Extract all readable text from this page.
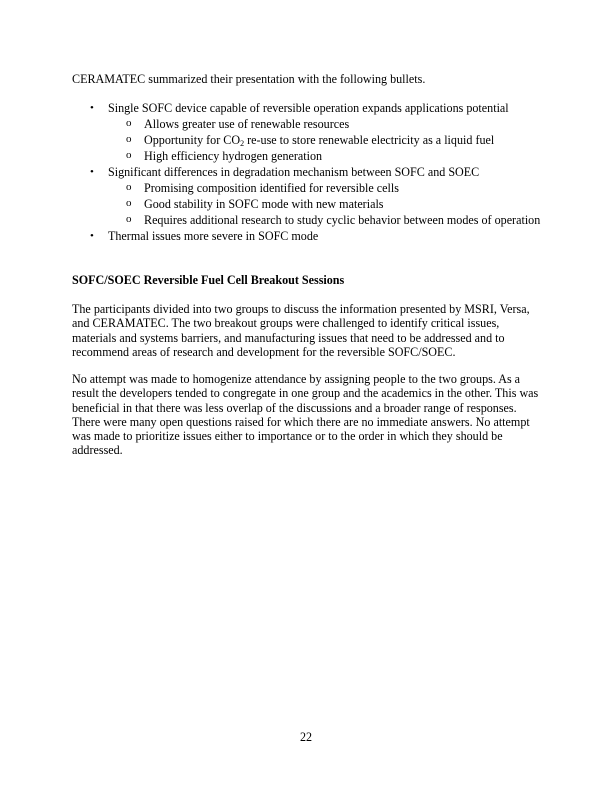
CERAMATEC summarized their presentation with the following bullets.
• Single SOFC device capable of reversible operation expands applications potential
o Allows greater use of renewable resources
o Opportunity for $CO_2$ re-use to store renewable electricity as a liquid fuel
o High efficiency hydrogen generation
• Significant differences in degradation mechanism between SOFC and SOEC
o Promising composition identified for reversible cells
o Good stability in SOFC mode with new materials
o Requires additional research to study cyclic behavior between modes of operation
• Thermal issues more severe in SOFC mode
SOFC/SOEC Reversible Fuel Cell Breakout Sessions

The participants divided into two groups to discuss the information presented by MSRI, Versa,
and CERAMATEC. The two breakout groups were challenged to identify critical issues,
materials and systems barriers, and manufacturing issues that need to be addressed and to
recommend areas of research and development for the reversible SOFC/SOEC.

No attempt was made to homogenize attendance by assigning people to the two groups. As a
result the developers tended to congregate in one group and the academics in the other. This was
beneficial in that there was less overlap of the discussions and a broader range of responses.
There were many open questions raised for which there are no immediate answers. No attempt
was made to prioritize issues either to importance or to the order in which they should be
addressed.

22
